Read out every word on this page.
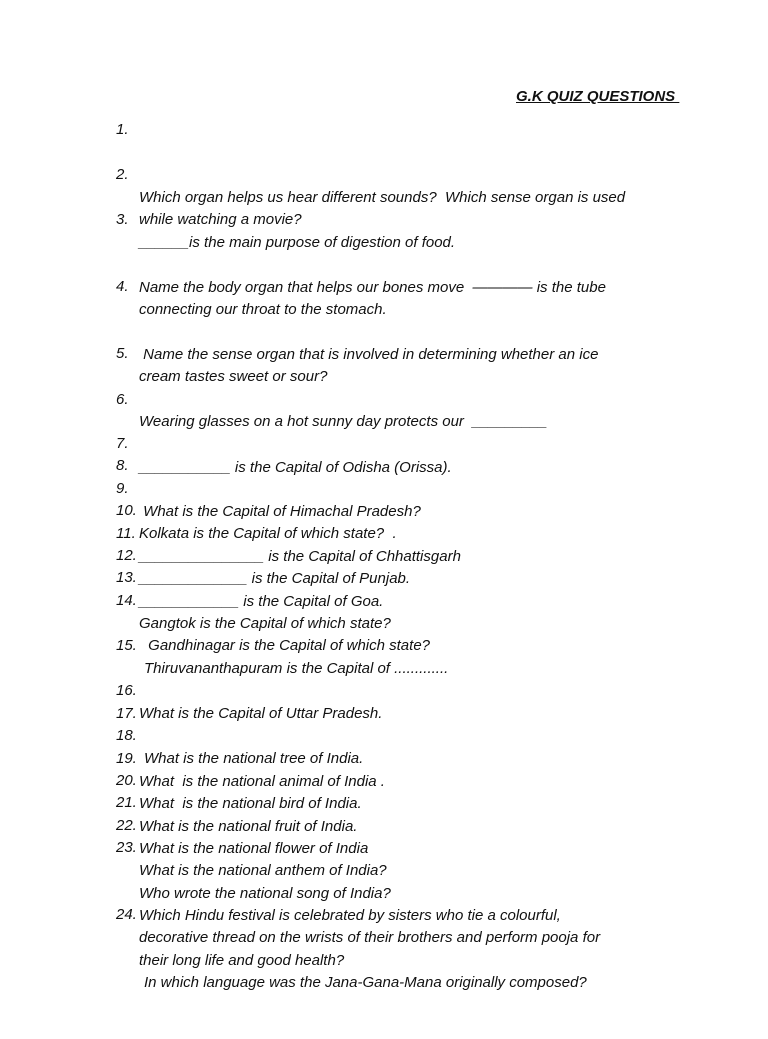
G.K QUIZ QUESTIONS

1.

Which organ helps us hear different sounds?  Which sense organ is used
while watching a movie?

2.

______is the main purpose of digestion of food.

3.

Name the body organ that helps our bones move  ———— is the tube
connecting our throat to the stomach.

4.

Name the sense organ that is involved in determining whether an ice
cream tastes sweet or sour?

5.

Wearing glasses on a hot sunny day protects our  _________

6.

___________ is the Capital of Odisha (Orissa).

7.

What is the Capital of Himachal Pradesh?

8.

Kolkata is the Capital of which state?  .

9.

_______________ is the Capital of Chhattisgarh

10.

_____________ is the Capital of Punjab.

11.

____________ is the Capital of Goa.

12.

Gangtok is the Capital of which state?

13.

Gandhinagar is the Capital of which state?

14.

Thiruvananthapuram is the Capital of .............

15.

What is the Capital of Uttar Pradesh.

16.

What is the national tree of India.

17.

What  is the national animal of India .

18.

What  is the national bird of India.

19.

What is the national fruit of India.

20.

What is the national flower of India

21.

What is the national anthem of India?

22.

Who wrote the national song of India?

23.

Which Hindu festival is celebrated by sisters who tie a colourful,
decorative thread on the wrists of their brothers and perform pooja for
their long life and good health?

24.

In which language was the Jana-Gana-Mana originally composed?
